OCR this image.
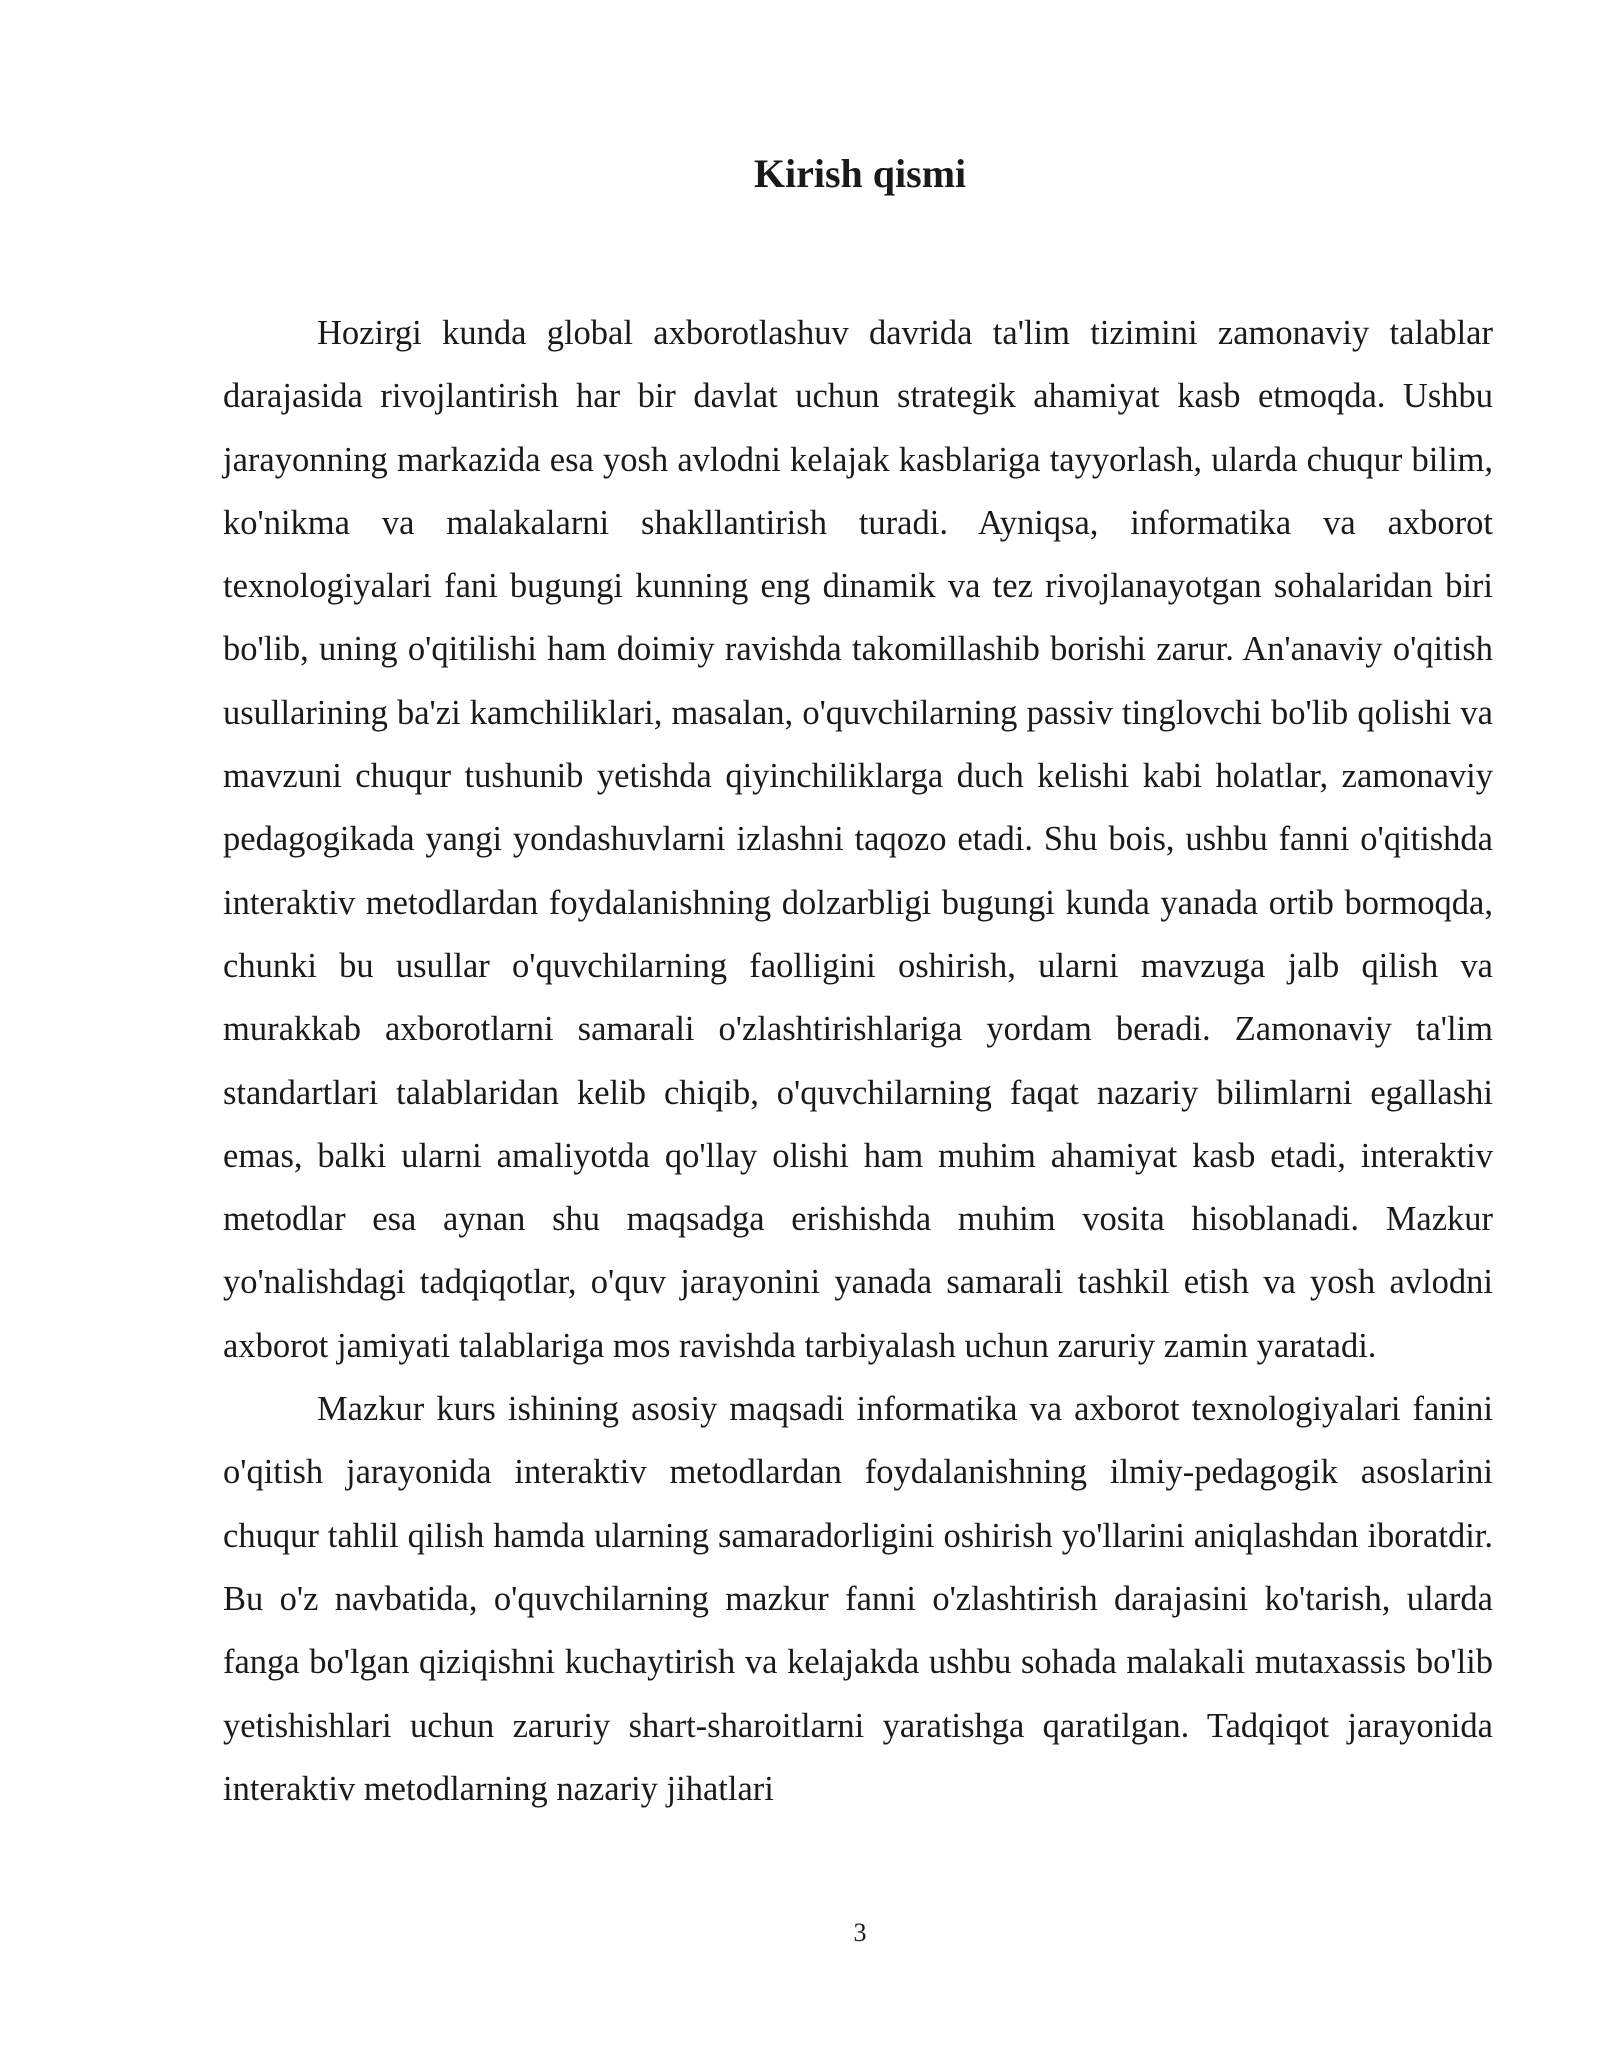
Kirish qismi

Hozirgi kunda global axborotlashuv davrida ta'lim tizimini zamonaviy talablar darajasida rivojlantirish har bir davlat uchun strategik ahamiyat kasb etmoqda. Ushbu jarayonning markazida esa yosh avlodni kelajak kasblariga tayyorlash, ularda chuqur bilim, ko'nikma va malakalarni shakllantirish turadi. Ayniqsa, informatika va axborot texnologiyalari fani bugungi kunning eng dinamik va tez rivojlanayotgan sohalaridan biri bo'lib, uning o'qitilishi ham doimiy ravishda takomillashib borishi zarur. An'anaviy o'qitish usullarining ba'zi kamchiliklari, masalan, o'quvchilarning passiv tinglovchi bo'lib qolishi va mavzuni chuqur tushunib yetishda qiyinchiliklarga duch kelishi kabi holatlar, zamonaviy pedagogikada yangi yondashuvlarni izlashni taqozo etadi. Shu bois, ushbu fanni o'qitishda interaktiv metodlardan foydalanishning dolzarbligi bugungi kunda yanada ortib bormoqda, chunki bu usullar o'quvchilarning faolligini oshirish, ularni mavzuga jalb qilish va murakkab axborotlarni samarali o'zlashtirishlariga yordam beradi. Zamonaviy ta'lim standartlari talablaridan kelib chiqib, o'quvchilarning faqat nazariy bilimlarni egallashi emas, balki ularni amaliyotda qo'llay olishi ham muhim ahamiyat kasb etadi, interaktiv metodlar esa aynan shu maqsadga erishishda muhim vosita hisoblanadi. Mazkur yo'nalishdagi tadqiqotlar, o'quv jarayonini yanada samarali tashkil etish va yosh avlodni axborot jamiyati talablariga mos ravishda tarbiyalash uchun zaruriy zamin yaratadi.

Mazkur kurs ishining asosiy maqsadi informatika va axborot texnologiyalari fanini o'qitish jarayonida interaktiv metodlardan foydalanishning ilmiy-pedagogik asoslarini chuqur tahlil qilish hamda ularning samaradorligini oshirish yo'llarini aniqlashdan iboratdir. Bu o'z navbatida, o'quvchilarning mazkur fanni o'zlashtirish darajasini ko'tarish, ularda fanga bo'lgan qiziqishni kuchaytirish va kelajakda ushbu sohada malakali mutaxassis bo'lib yetishishlari uchun zaruriy shart-sharoitlarni yaratishga qaratilgan. Tadqiqot jarayonida interaktiv metodlarning nazariy jihatlari

3
